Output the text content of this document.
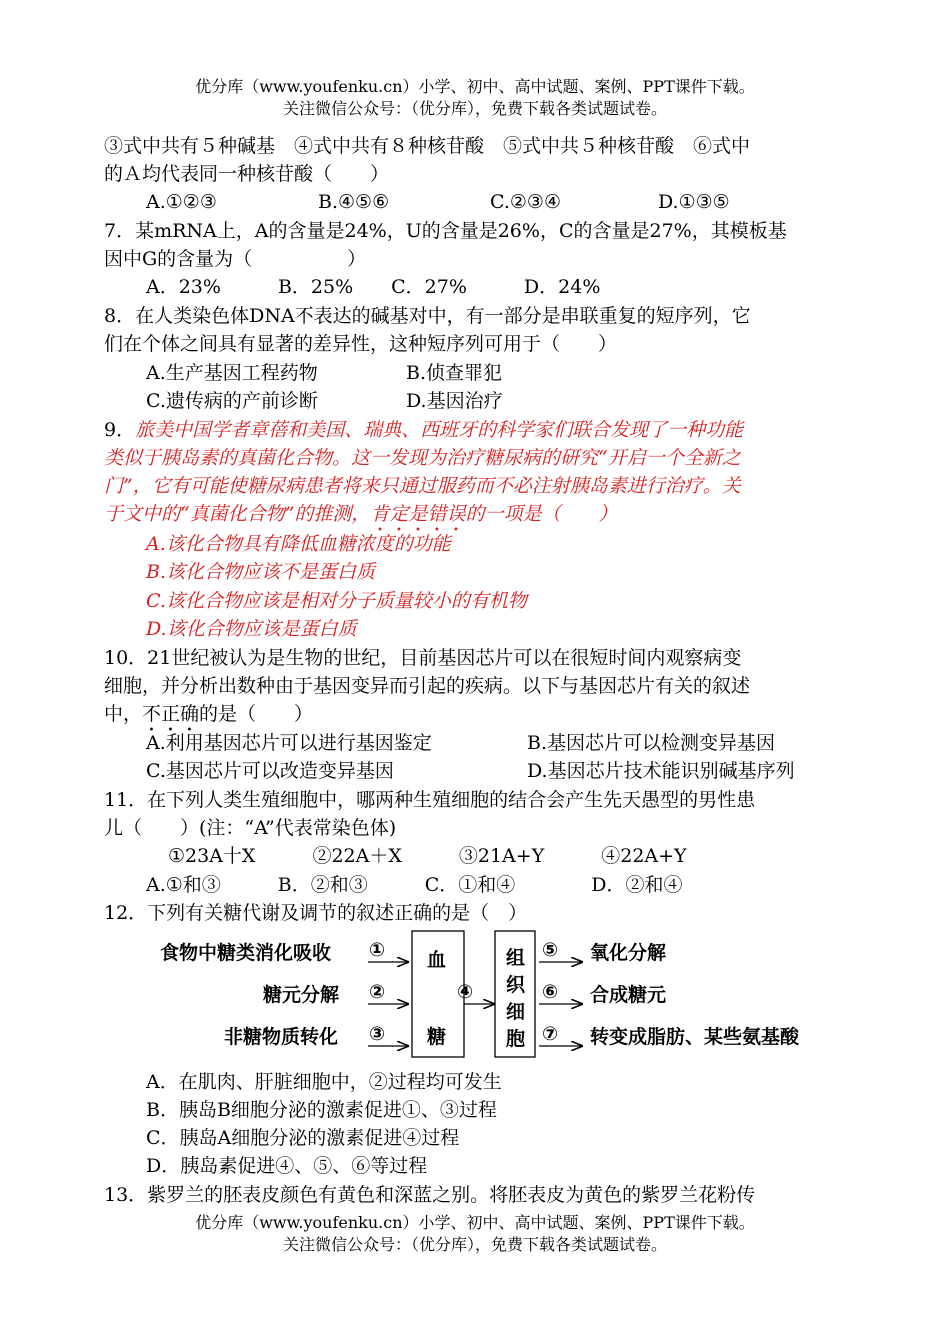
优分库（www.youfenku.cn）小学、初中、高中试题、案例、PPT课件下载。
关注微信公众号：（优分库），免费下载各类试题试卷。
③式中共有５种碱基　④式中共有８种核苷酸　⑤式中共５种核苷酸　⑥式中
的Ａ均代表同一种核苷酸（　　）
A.①②③	B.④⑤⑥	C.②③④	D.①③⑤
7．某mRNA上，A的含量是24%，U的含量是26%，C的含量是27%，其模板基
因中G的含量为（　　　　　）
A．23%　　　B．25%　　C．27%　　　D．24%
8．在人类染色体DNA不表达的碱基对中，有一部分是串联重复的短序列，它
们在个体之间具有显著的差异性，这种短序列可用于（　　）
A.生产基因工程药物	B.侦查罪犯
C.遗传病的产前诊断	D.基因治疗
9．旅美中国学者章蓓和美国、瑞典、西班牙的科学家们联合发现了一种功能
类似于胰岛素的真菌化合物。这一发现为治疗糖尿病的研究“开启一个全新之
门”，它有可能使糖尿病患者将来只通过服药而不必注射胰岛素进行治疗。关
于文中的“真菌化合物”的推测，肯定是错误的一项是（　　）
A.该化合物具有降低血糖浓度的功能
B.该化合物应该不是蛋白质
C.该化合物应该是相对分子质量较小的有机物
D.该化合物应该是蛋白质
10．21世纪被认为是生物的世纪，目前基因芯片可以在很短时间内观察病变
细胞，并分析出数种由于基因变异而引起的疾病。以下与基因芯片有关的叙述
中，不正确的是（　　）
A.利用基因芯片可以进行基因鉴定	B.基因芯片可以检测变异基因
C.基因芯片可以改造变异基因	D.基因芯片技术能识别碱基序列
11．在下列人类生殖细胞中，哪两种生殖细胞的结合会产生先天愚型的男性患
儿（　　）(注：“A”代表常染色体)
①23A十X　　　②22A＋X　　　③21A+Y　　　④22A+Y
A.①和③　　　B．②和③　　　C．①和④　　　　D．②和④
12．下列有关糖代谢及调节的叙述正确的是（　）
食物中糖类消化吸收
糖元分解
非糖物质转化
①
②
③
血
糖
④
组
织
细
胞
⑤ 氧化分解
⑥ 合成糖元
⑦ 转变成脂肪、某些氨基酸
A．在肌肉、肝脏细胞中，②过程均可发生
B．胰岛B细胞分泌的激素促进①、③过程
C．胰岛A细胞分泌的激素促进④过程
D．胰岛素促进④、⑤、⑥等过程
13．紫罗兰的胚表皮颜色有黄色和深蓝之别。将胚表皮为黄色的紫罗兰花粉传
优分库（www.youfenku.cn）小学、初中、高中试题、案例、PPT课件下载。
关注微信公众号：（优分库），免费下载各类试题试卷。
